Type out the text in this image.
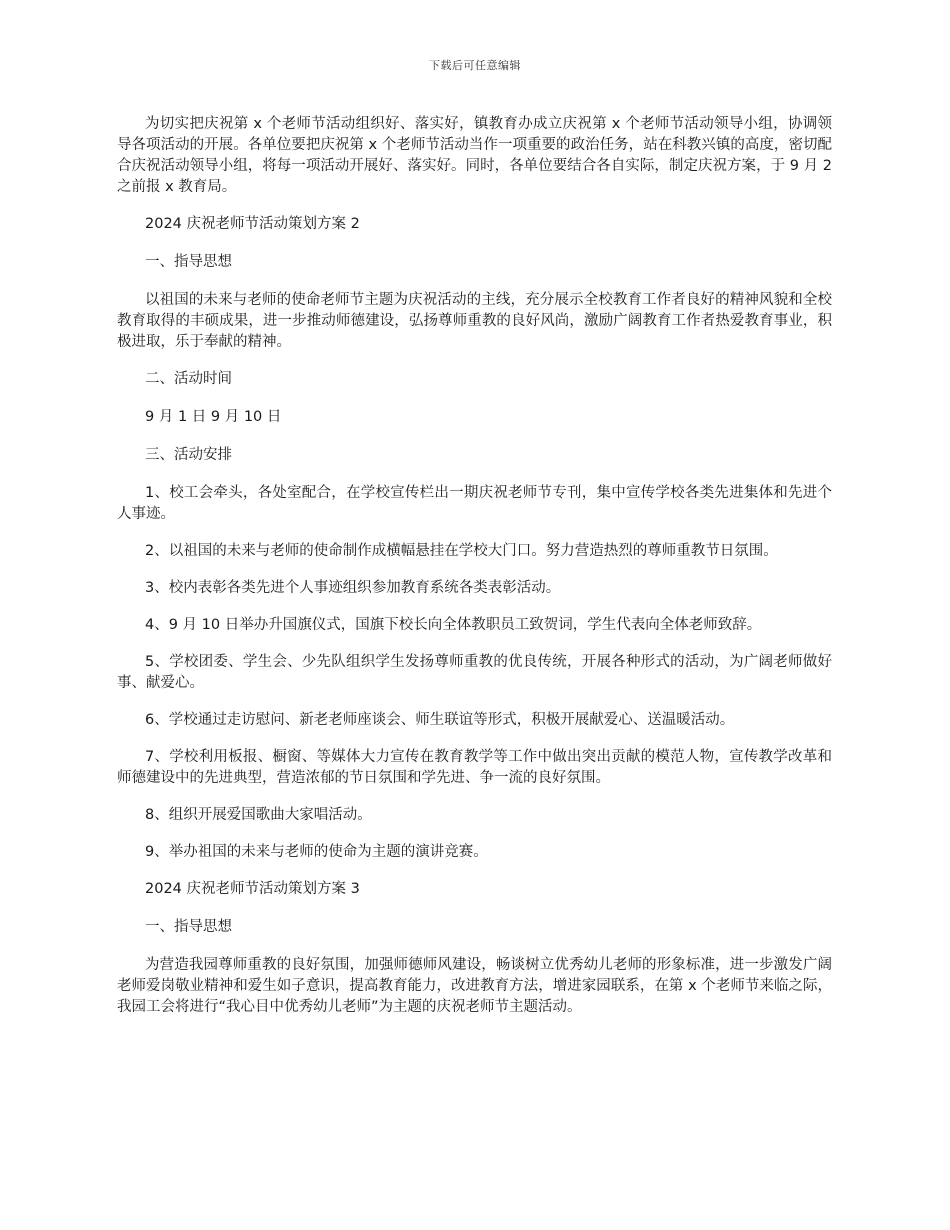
下载后可任意编辑

为切实把庆祝第 x 个老师节活动组织好、落实好，镇教育办成立庆祝第 x 个老师节活动领导小组，协调领导各项活动的开展。各单位要把庆祝第 x 个老师节活动当作一项重要的政治任务，站在科教兴镇的高度，密切配合庆祝活动领导小组，将每一项活动开展好、落实好。同时，各单位要结合各自实际，制定庆祝方案，于 9 月 2 之前报 x 教育局。

2024 庆祝老师节活动策划方案 2

一、指导思想

以祖国的未来与老师的使命老师节主题为庆祝活动的主线，充分展示全校教育工作者良好的精神风貌和全校教育取得的丰硕成果，进一步推动师德建设，弘扬尊师重教的良好风尚，激励广阔教育工作者热爱教育事业，积极进取，乐于奉献的精神。

二、活动时间

9 月 1 日 9 月 10 日

三、活动安排

1、校工会牵头，各处室配合，在学校宣传栏出一期庆祝老师节专刊，集中宣传学校各类先进集体和先进个人事迹。

2、以祖国的未来与老师的使命制作成横幅悬挂在学校大门口。努力营造热烈的尊师重教节日氛围。

3、校内表彰各类先进个人事迹组织参加教育系统各类表彰活动。

4、9 月 10 日举办升国旗仪式，国旗下校长向全体教职员工致贺词，学生代表向全体老师致辞。

5、学校团委、学生会、少先队组织学生发扬尊师重教的优良传统，开展各种形式的活动，为广阔老师做好事、献爱心。

6、学校通过走访慰问、新老老师座谈会、师生联谊等形式，积极开展献爱心、送温暖活动。

7、学校利用板报、橱窗、等媒体大力宣传在教育教学等工作中做出突出贡献的模范人物，宣传教学改革和师德建设中的先进典型，营造浓郁的节日氛围和学先进、争一流的良好氛围。

8、组织开展爱国歌曲大家唱活动。

9、举办祖国的未来与老师的使命为主题的演讲竞赛。

2024 庆祝老师节活动策划方案 3

一、指导思想

为营造我园尊师重教的良好氛围，加强师德师风建设，畅谈树立优秀幼儿老师的形象标准，进一步激发广阔老师爱岗敬业精神和爱生如子意识，提高教育能力，改进教育方法，增进家园联系，在第 x 个老师节来临之际，我园工会将进行“我心目中优秀幼儿老师”为主题的庆祝老师节主题活动。
